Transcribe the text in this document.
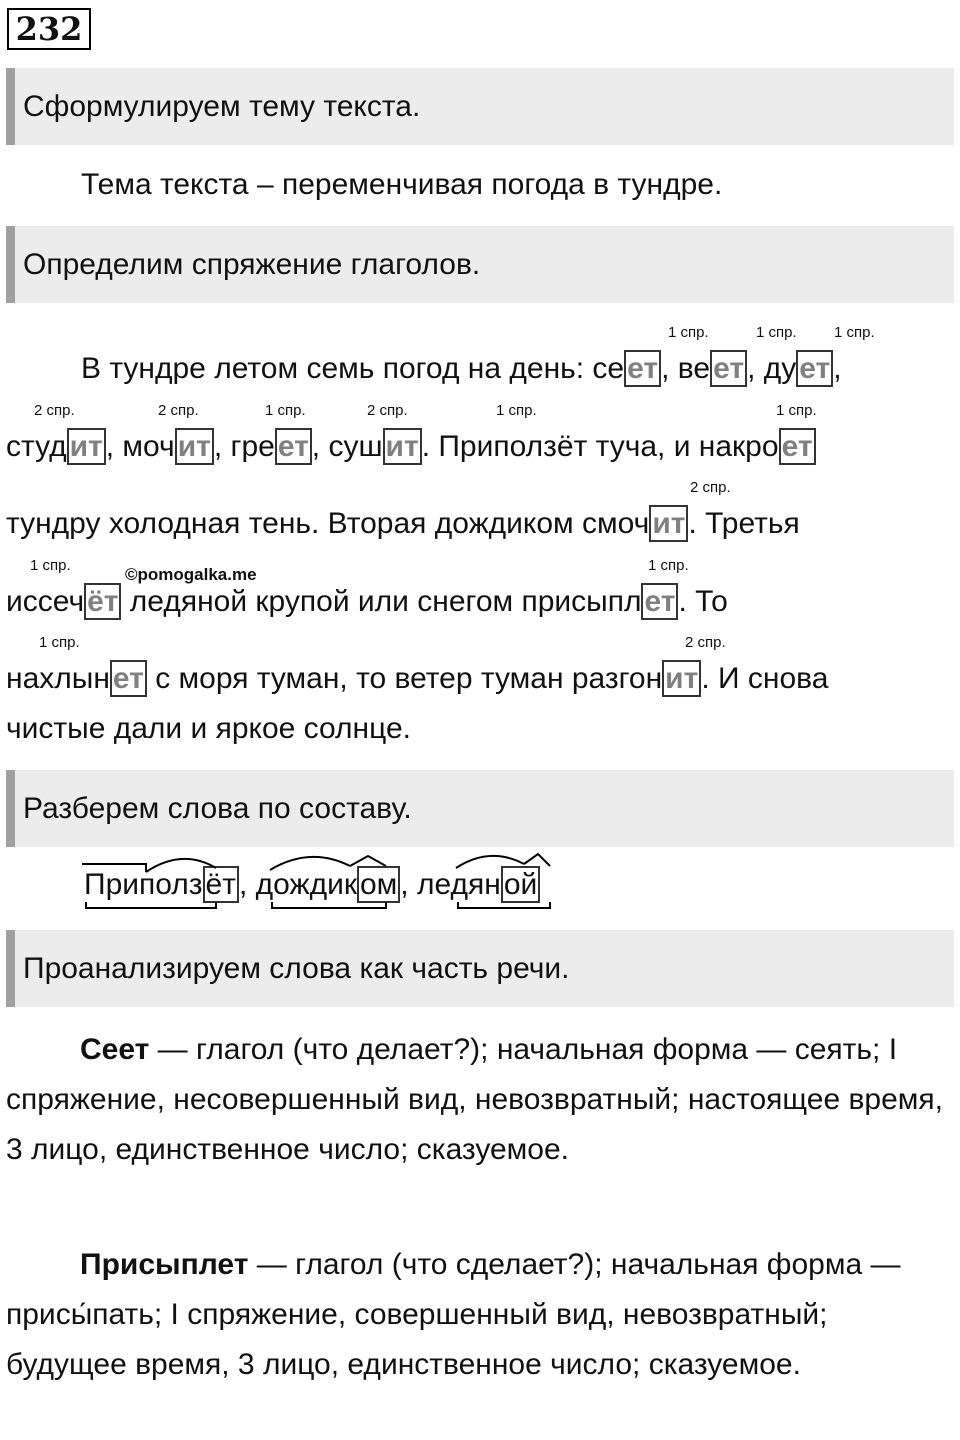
232
Сформулируем тему текста.
Тема текста – переменчивая погода в тундре.
Определим спряжение глаголов.
1 спр.	1 спр. 1 спр.
2 спр.	2 спр.	1 спр.	2 спр.	1 спр.	1 спр.
2 спр.
1 спр.	1 спр.
1 спр.	2 спр.
©pomogalka.me
В тундре летом семь погод на день: се ет , ве ет , ду ет ,
студ ит , моч ит , гре ет , суш ит . Приползёт туча, и накро ет
тундру холодная тень. Вторая дождиком смоч ит . Третья
иссеч ёт ледяной крупой или снегом присыпл ет . То
нахлын ет с моря туман, то ветер туман разгон ит . И снова
чистые дали и яркое солнце.
Разберем слова по составу.
Приполз ёт , дождик ом , ледян ой
Проанализируем слова как часть речи.
Сеет — глагол (что делает?); начальная форма — сеять; I спряжение, несовершенный вид, невозвратный; настоящее время, 3 лицо, единственное число; сказуемое.
Присыплет — глагол (что сделает?); начальная форма — присы́пать; I спряжение, совершенный вид, невозвратный; будущее время, 3 лицо, единственное число; сказуемое.
